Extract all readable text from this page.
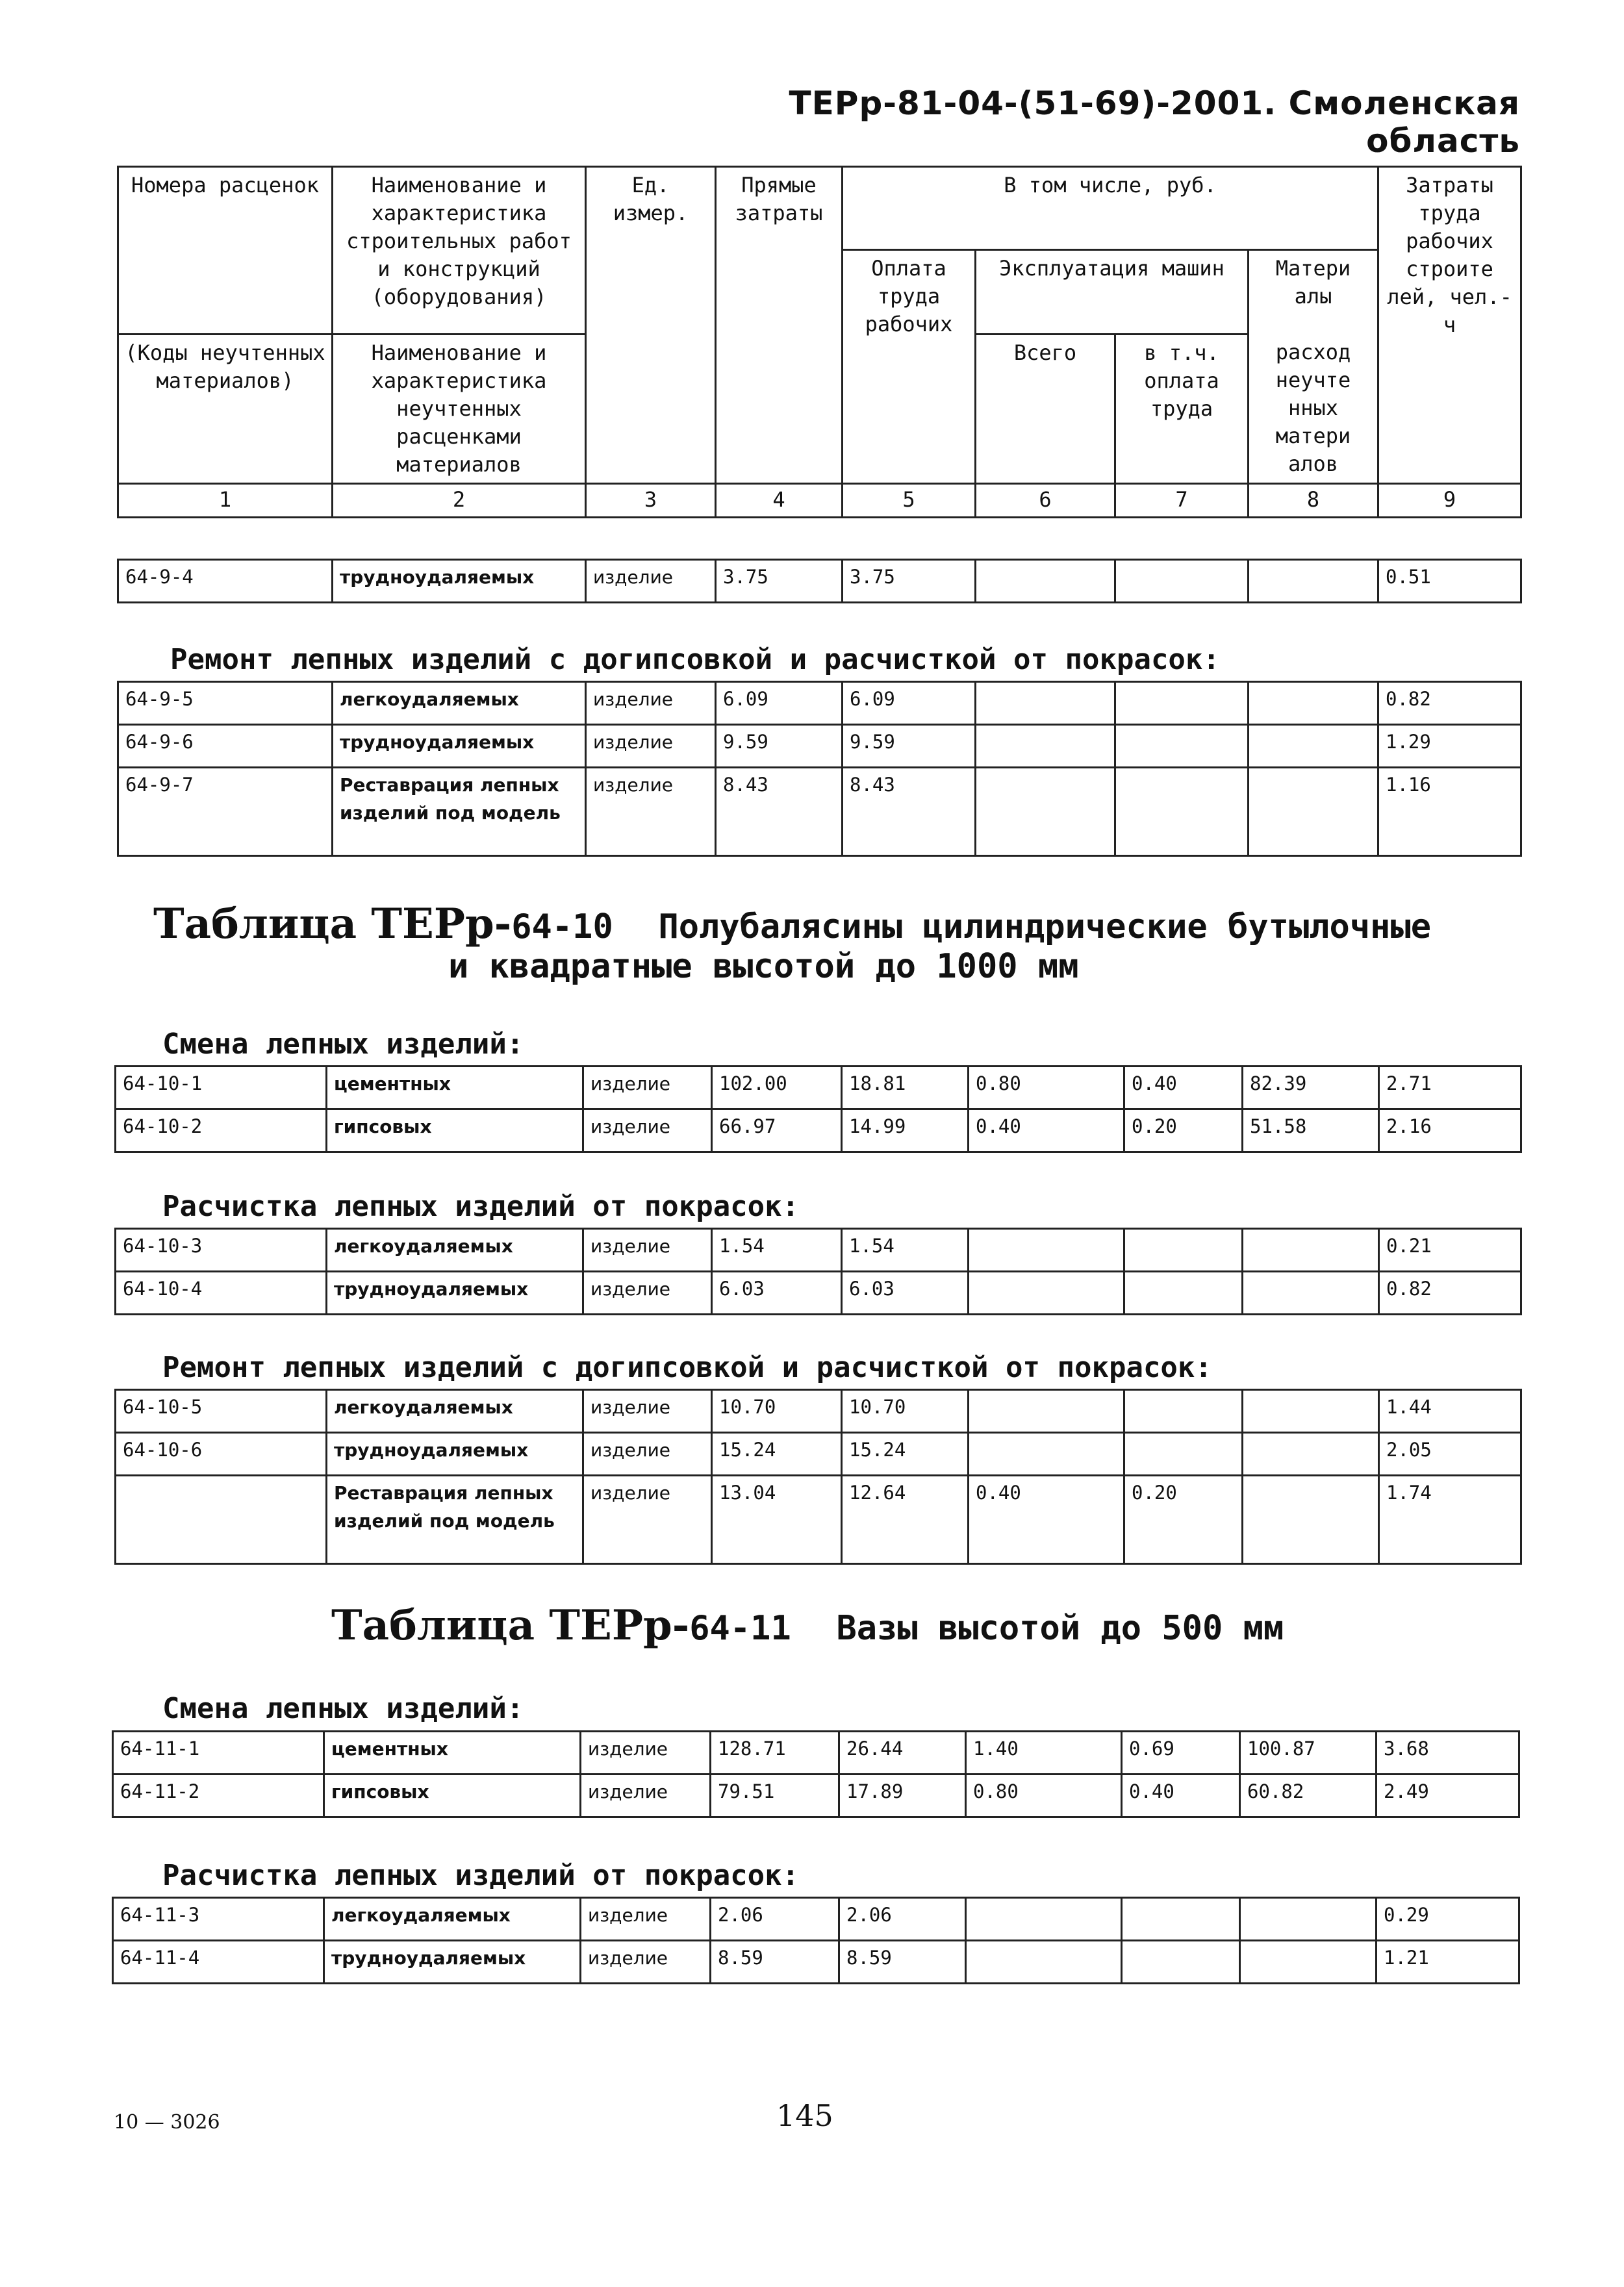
ТЕРр-81-04-(51-69)-2001. Смоленская область
Номера расценок	Наименование и характеристика строительных работ и конструкций (оборудования)	Ед. измер.	Прямые затраты	В том числе, руб.				Затраты труда рабочих строите лей, чел.-ч
				Оплата труда рабочих	Эксплуатация машин		Матери алы	
(Коды неучтенных материалов)	Наименование и характеристика неучтенных расценками материалов				Всего	в т.ч. оплата труда	расход неучте нных матери алов	

1	2	3	4	5	6	7	8	9
64-9-4	трудноудаляемых	изделие	3.75	3.75				0.51
Ремонт лепных изделий с догипсовкой и расчисткой от покрасок:
64-9-5	легкоудаляемых	изделие	6.09	6.09				0.82
64-9-6	трудноудаляемых	изделие	9.59	9.59				1.29
64-9-7	Реставрация лепных изделий под модель	изделие	8.43	8.43				1.16
Таблица ТЕРр-64-10 Полубалясины цилиндрические бутылочные
и квадратные высотой до 1000 мм
Смена лепных изделий:
64-10-1	цементных	изделие	102.00	18.81	0.80	0.40	82.39	2.71
64-10-2	гипсовых	изделие	66.97	14.99	0.40	0.20	51.58	2.16
Расчистка лепных изделий от покрасок:
64-10-3	легкоудаляемых	изделие	1.54	1.54				0.21
64-10-4	трудноудаляемых	изделие	6.03	6.03				0.82
Ремонт лепных изделий с догипсовкой и расчисткой от покрасок:
64-10-5	легкоудаляемых	изделие	10.70	10.70				1.44
64-10-6	трудноудаляемых	изделие	15.24	15.24				2.05
	Реставрация лепных изделий под модель	изделие	13.04	12.64	0.40	0.20		1.74
Таблица ТЕРр-64-11 Вазы высотой до 500 мм
Смена лепных изделий:
64-11-1	цементных	изделие	128.71	26.44	1.40	0.69	100.87	3.68
64-11-2	гипсовых	изделие	79.51	17.89	0.80	0.40	60.82	2.49
Расчистка лепных изделий от покрасок:
64-11-3	легкоудаляемых	изделие	2.06	2.06				0.29
64-11-4	трудноудаляемых	изделие	8.59	8.59				1.21
10 — 3026	145
